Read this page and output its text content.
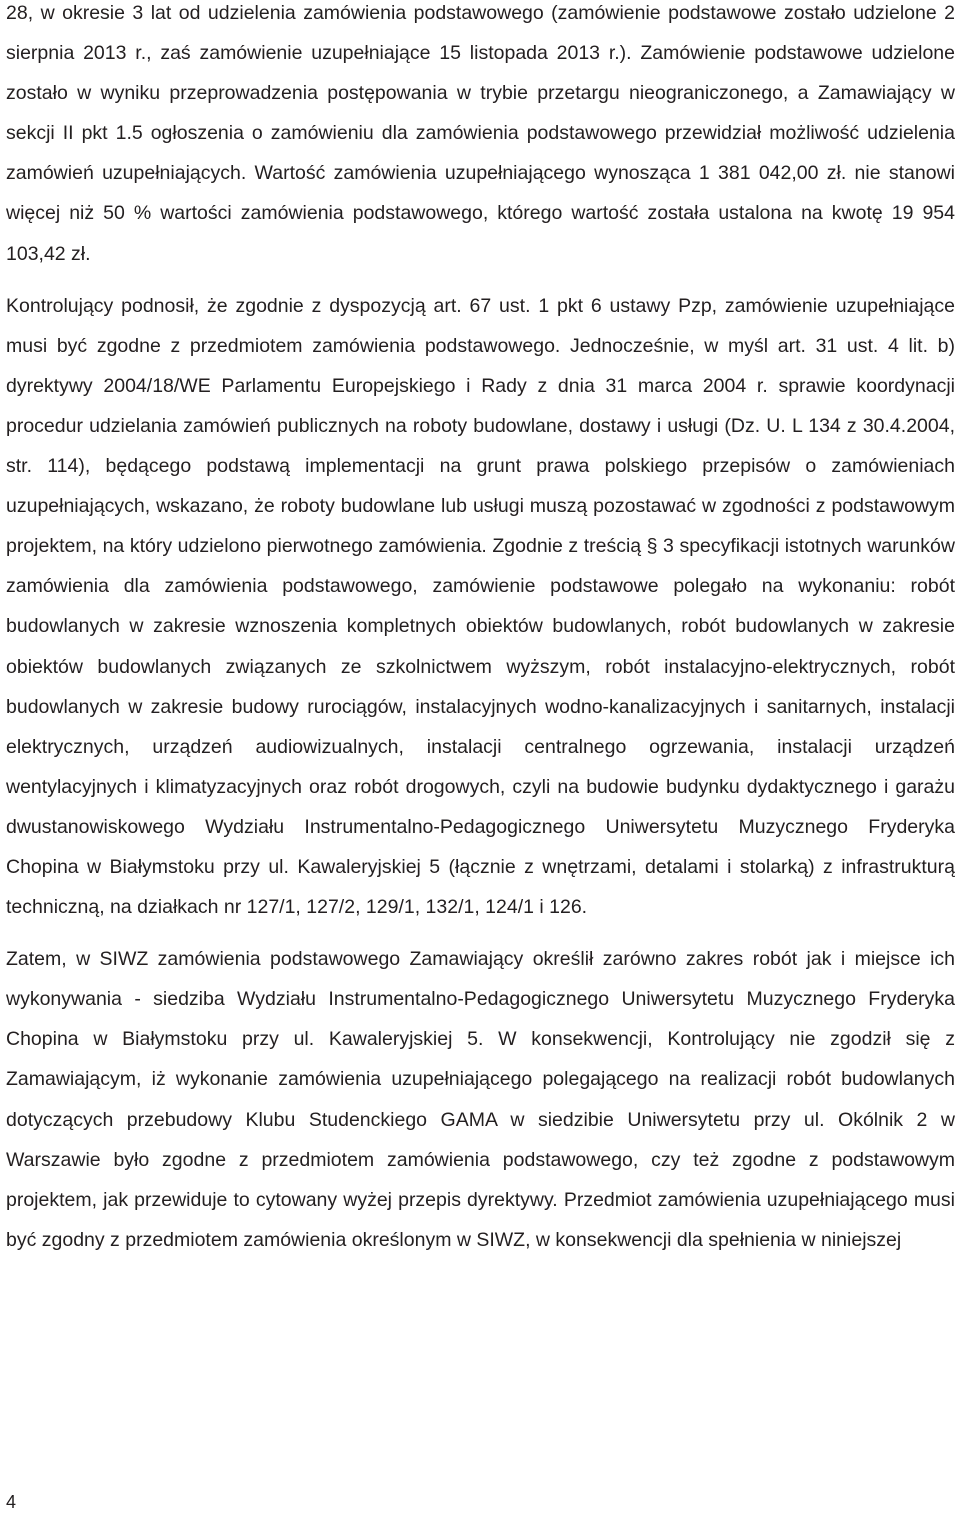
28, w okresie 3 lat od udzielenia zamówienia podstawowego (zamówienie podstawowe zostało udzielone 2 sierpnia 2013 r., zaś zamówienie uzupełniające 15 listopada 2013 r.). Zamówienie podstawowe udzielone zostało w wyniku przeprowadzenia postępowania w trybie przetargu nieograniczonego, a Zamawiający w sekcji II pkt 1.5 ogłoszenia o zamówieniu dla zamówienia podstawowego przewidział możliwość udzielenia zamówień uzupełniających. Wartość zamówienia uzupełniającego wynosząca 1 381 042,00 zł. nie stanowi więcej niż 50 % wartości zamówienia podstawowego, którego wartość została ustalona na kwotę 19 954 103,42 zł.

Kontrolujący podnosił, że zgodnie z dyspozycją art. 67 ust. 1 pkt 6 ustawy Pzp, zamówienie uzupełniające musi być zgodne z przedmiotem zamówienia podstawowego. Jednocześnie, w myśl art. 31 ust. 4 lit. b) dyrektywy 2004/18/WE Parlamentu Europejskiego i Rady z dnia 31 marca 2004 r. sprawie koordynacji procedur udzielania zamówień publicznych na roboty budowlane, dostawy i usługi (Dz. U. L 134 z 30.4.2004, str. 114), będącego podstawą implementacji na grunt prawa polskiego przepisów o zamówieniach uzupełniających, wskazano, że roboty budowlane lub usługi muszą pozostawać w zgodności z podstawowym projektem, na który udzielono pierwotnego zamówienia. Zgodnie z treścią § 3 specyfikacji istotnych warunków zamówienia dla zamówienia podstawowego, zamówienie podstawowe polegało na wykonaniu: robót budowlanych w zakresie wznoszenia kompletnych obiektów budowlanych, robót budowlanych w zakresie obiektów budowlanych związanych ze szkolnictwem wyższym, robót instalacyjno-elektrycznych, robót budowlanych w zakresie budowy rurociągów, instalacyjnych wodno-kanalizacyjnych i sanitarnych, instalacji elektrycznych, urządzeń audiowizualnych, instalacji centralnego ogrzewania, instalacji urządzeń wentylacyjnych i klimatyzacyjnych oraz robót drogowych, czyli na budowie budynku dydaktycznego i garażu dwustanowiskowego Wydziału Instrumentalno-Pedagogicznego Uniwersytetu Muzycznego Fryderyka Chopina w Białymstoku przy ul. Kawaleryjskiej 5 (łącznie z wnętrzami, detalami i stolarką) z infrastrukturą techniczną, na działkach nr 127/1, 127/2, 129/1, 132/1, 124/1 i 126.

Zatem, w SIWZ zamówienia podstawowego Zamawiający określił zarówno zakres robót jak i miejsce ich wykonywania - siedziba Wydziału Instrumentalno-Pedagogicznego Uniwersytetu Muzycznego Fryderyka Chopina w Białymstoku przy ul. Kawaleryjskiej 5. W konsekwencji, Kontrolujący nie zgodził się z Zamawiającym, iż wykonanie zamówienia uzupełniającego polegającego na realizacji robót budowlanych dotyczących przebudowy Klubu Studenckiego GAMA w siedzibie Uniwersytetu przy ul. Okólnik 2 w Warszawie było zgodne z przedmiotem zamówienia podstawowego, czy też zgodne z podstawowym projektem, jak przewiduje to cytowany wyżej przepis dyrektywy. Przedmiot zamówienia uzupełniającego musi być zgodny z przedmiotem zamówienia określonym w SIWZ, w konsekwencji dla spełnienia w niniejszej

4
